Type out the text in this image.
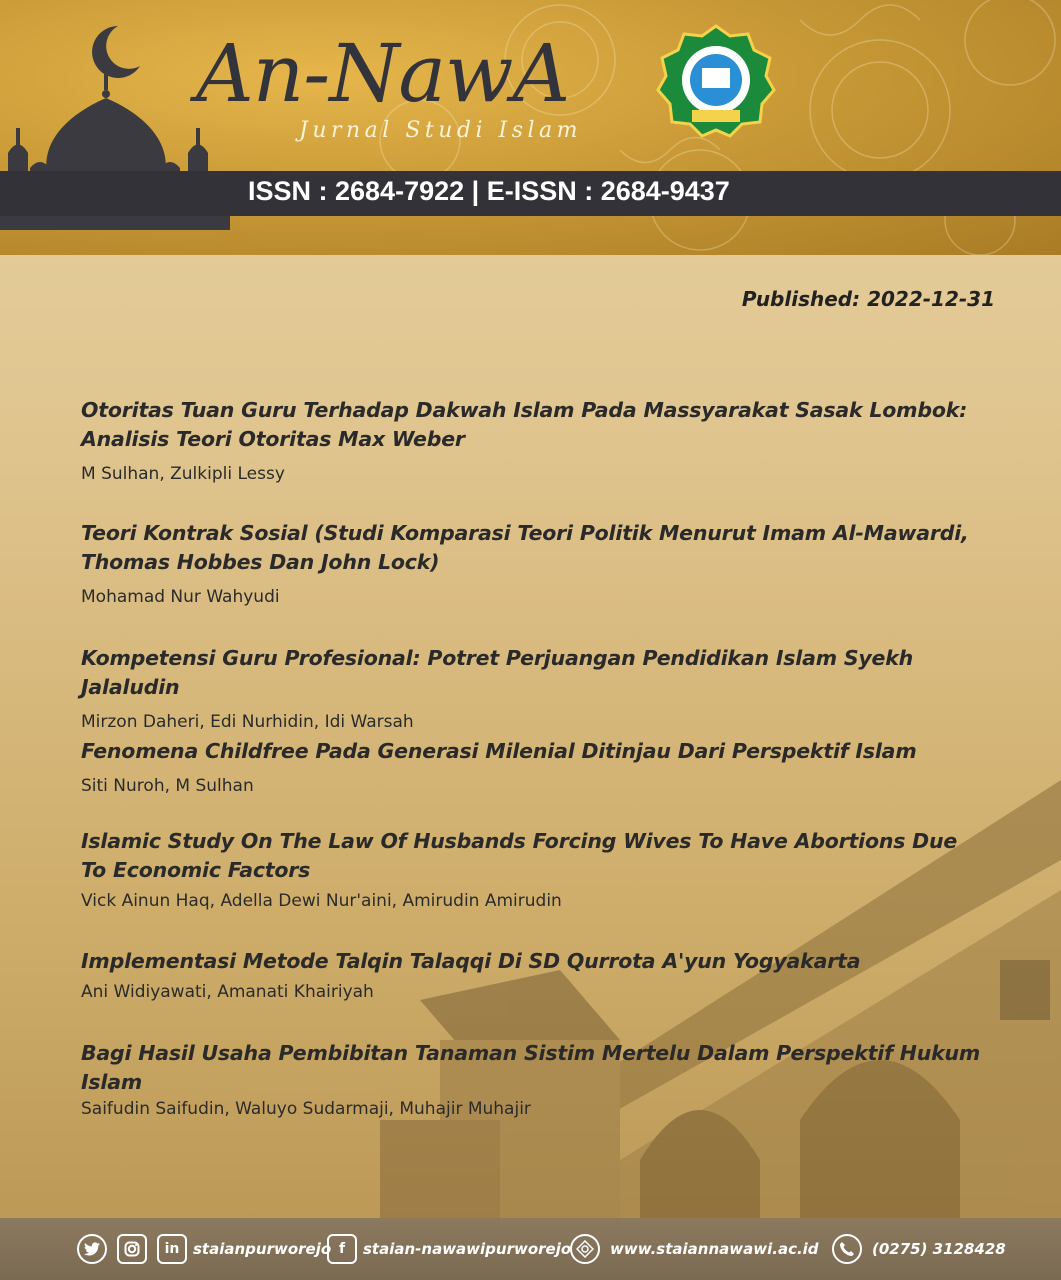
An-NawA
Jurnal Studi Islam
ISSN : 2684-7922 | E-ISSN : 2684-9437
Published: 2022-12-31
Otoritas Tuan Guru Terhadap Dakwah Islam Pada Massyarakat Sasak Lombok: Analisis Teori Otoritas Max Weber
M Sulhan, Zulkipli Lessy
Teori Kontrak Sosial (Studi Komparasi Teori Politik Menurut Imam Al-Mawardi, Thomas Hobbes Dan John Lock)
Mohamad Nur Wahyudi
Kompetensi Guru Profesional: Potret Perjuangan Pendidikan Islam Syekh Jalaludin
Mirzon Daheri, Edi Nurhidin, Idi Warsah
Fenomena Childfree Pada Generasi Milenial Ditinjau Dari Perspektif Islam
Siti Nuroh, M Sulhan
Islamic Study On The Law Of Husbands Forcing Wives To Have Abortions Due To Economic Factors
Vick Ainun Haq, Adella Dewi Nur'aini, Amirudin Amirudin
Implementasi Metode Talqin Talaqqi Di SD Qurrota A'yun Yogyakarta
Ani Widiyawati, Amanati Khairiyah
Bagi Hasil Usaha Pembibitan Tanaman Sistim Mertelu Dalam Perspektif Hukum Islam
Saifudin Saifudin, Waluyo Sudarmaji, Muhajir Muhajir
in staianpurworejo f	staian-nawawipurworejo	www.staiannawawi.ac.id	(0275) 3128428
